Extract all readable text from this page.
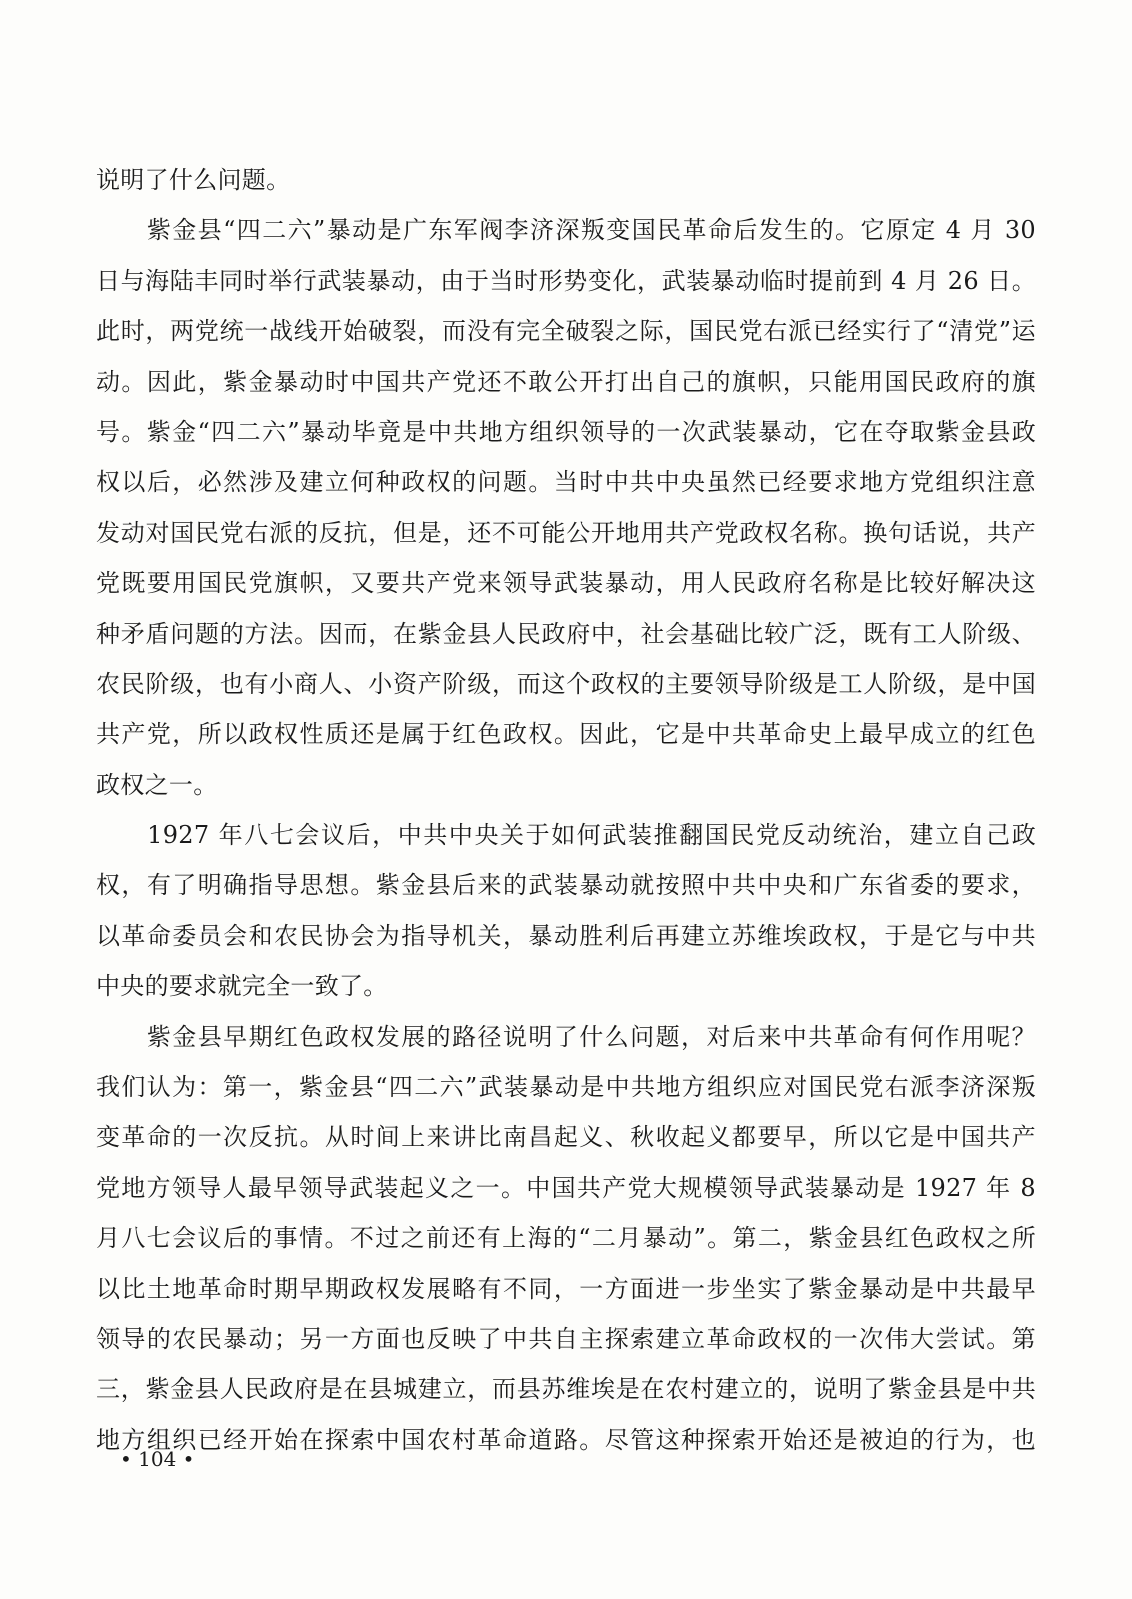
说明了什么问题。
　　紫金县“四二六”暴动是广东军阀李济深叛变国民革命后发生的。它原定 4 月 30
日与海陆丰同时举行武装暴动，由于当时形势变化，武装暴动临时提前到 4 月 26 日。
此时，两党统一战线开始破裂，而没有完全破裂之际，国民党右派已经实行了“清党”运
动。因此，紫金暴动时中国共产党还不敢公开打出自己的旗帜，只能用国民政府的旗
号。紫金“四二六”暴动毕竟是中共地方组织领导的一次武装暴动，它在夺取紫金县政
权以后，必然涉及建立何种政权的问题。当时中共中央虽然已经要求地方党组织注意
发动对国民党右派的反抗，但是，还不可能公开地用共产党政权名称。换句话说，共产
党既要用国民党旗帜，又要共产党来领导武装暴动，用人民政府名称是比较好解决这
种矛盾问题的方法。因而，在紫金县人民政府中，社会基础比较广泛，既有工人阶级、
农民阶级，也有小商人、小资产阶级，而这个政权的主要领导阶级是工人阶级，是中国
共产党，所以政权性质还是属于红色政权。因此，它是中共革命史上最早成立的红色
政权之一。
　　1927 年八七会议后，中共中央关于如何武装推翻国民党反动统治，建立自己政
权，有了明确指导思想。紫金县后来的武装暴动就按照中共中央和广东省委的要求，
以革命委员会和农民协会为指导机关，暴动胜利后再建立苏维埃政权，于是它与中共
中央的要求就完全一致了。
　　紫金县早期红色政权发展的路径说明了什么问题，对后来中共革命有何作用呢？
我们认为：第一，紫金县“四二六”武装暴动是中共地方组织应对国民党右派李济深叛
变革命的一次反抗。从时间上来讲比南昌起义、秋收起义都要早，所以它是中国共产
党地方领导人最早领导武装起义之一。中国共产党大规模领导武装暴动是 1927 年 8
月八七会议后的事情。不过之前还有上海的“二月暴动”。第二，紫金县红色政权之所
以比土地革命时期早期政权发展略有不同，一方面进一步坐实了紫金暴动是中共最早
领导的农民暴动；另一方面也反映了中共自主探索建立革命政权的一次伟大尝试。第
三，紫金县人民政府是在县城建立，而县苏维埃是在农村建立的，说明了紫金县是中共
地方组织已经开始在探索中国农村革命道路。尽管这种探索开始还是被迫的行为，也
• 104 •
